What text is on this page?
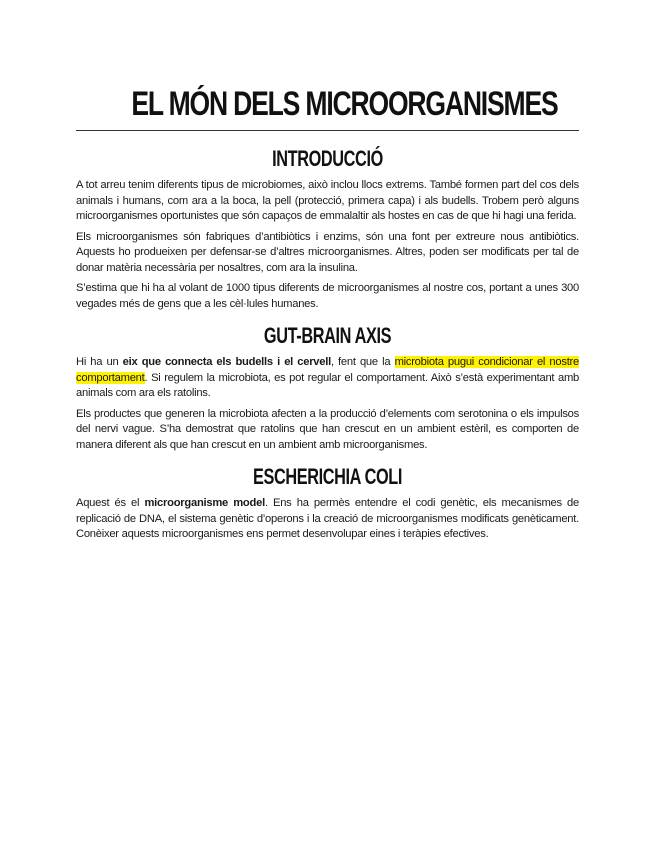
EL MÓN DELS MICROORGANISMES
INTRODUCCIÓ

A tot arreu tenim diferents tipus de microbiomes, això inclou llocs extrems. També formen part del cos dels animals i humans, com ara a la boca, la pell (protecció, primera capa) i als budells. Trobem però alguns microorganismes oportunistes que són capaços de emmalaltir als hostes en cas de que hi hagi una ferida.

Els microorganismes són fabriques d’antibiòtics i enzims, són una font per extreure nous antibiòtics. Aquests ho produeixen per defensar-se d’altres microorganismes. Altres, poden ser modificats per tal de donar matèria necessària per nosaltres, com ara la insulina.

S’estima que hi ha al volant de 1000 tipus diferents de microorganismes al nostre cos, portant a unes 300 vegades més de gens que a les cèl·lules humanes.

GUT-BRAIN AXIS

Hi ha un eix que connecta els budells i el cervell, fent que la microbiota pugui condicionar el nostre comportament. Si regulem la microbiota, es pot regular el comportament. Això s’està experimentant amb animals com ara els ratolins.

Els productes que generen la microbiota afecten a la producció d’elements com serotonina o els impulsos del nervi vague. S’ha demostrat que ratolins que han crescut en un ambient estèril, es comporten de manera diferent als que han crescut en un ambient amb microorganismes.

ESCHERICHIA COLI

Aquest és el microorganisme model. Ens ha permès entendre el codi genètic, els mecanismes de replicació de DNA, el sistema genètic d’operons i la creació de microorganismes modificats genèticament. Conèixer aquests microorganismes ens permet desenvolupar eines i teràpies efectives.
